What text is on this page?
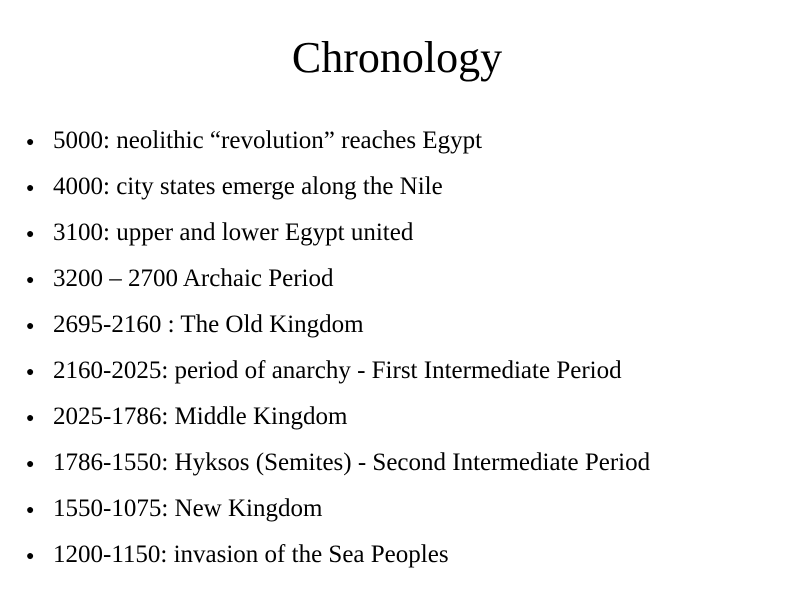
Chronology
● 5000: neolithic “revolution” reaches Egypt
● 4000: city states emerge along the Nile
● 3100: upper and lower Egypt united
● 3200 – 2700 Archaic Period
● 2695-2160 : The Old Kingdom
● 2160-2025: period of anarchy - First Intermediate Period
● 2025-1786: Middle Kingdom
● 1786-1550: Hyksos (Semites) - Second Intermediate Period
● 1550-1075: New Kingdom
● 1200-1150: invasion of the Sea Peoples
